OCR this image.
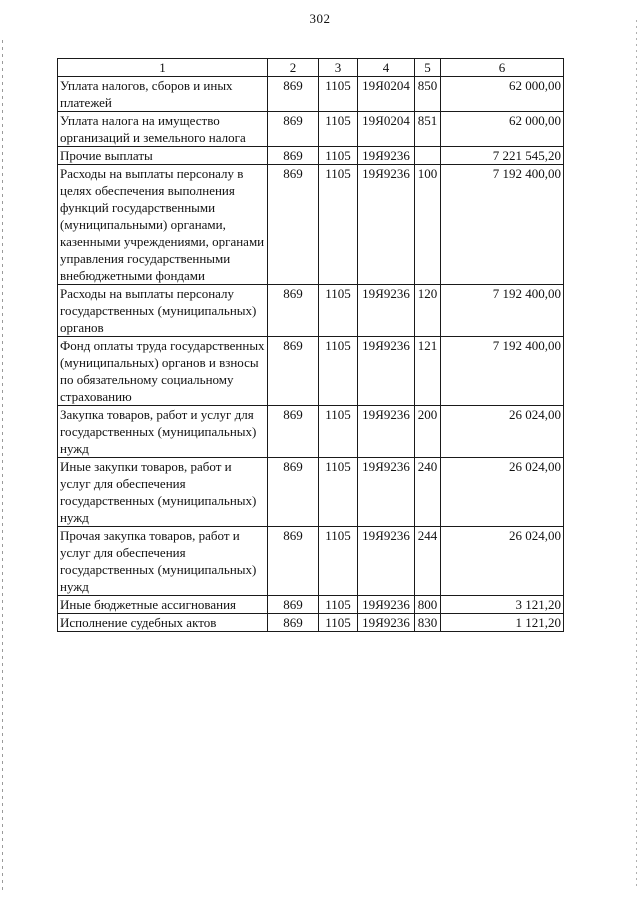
302
1	2	3	4	5	6
Уплата налогов, сборов и иных платежей	869	1105	19Я0204	850	62 000,00
Уплата налога на имущество организаций и земельного налога	869	1105	19Я0204	851	62 000,00
Прочие выплаты	869	1105	19Я9236		7 221 545,20
Расходы на выплаты персоналу в целях обеспечения выполнения функций государственными (муниципальными) органами, казенными учреждениями, органами управления государственными внебюджетными фондами	869	1105	19Я9236	100	7 192 400,00
Расходы на выплаты персоналу государственных (муниципальных) органов	869	1105	19Я9236	120	7 192 400,00
Фонд оплаты труда государственных (муниципальных) органов и взносы по обязательному социальному страхованию	869	1105	19Я9236	121	7 192 400,00
Закупка товаров, работ и услуг для государственных (муниципальных) нужд	869	1105	19Я9236	200	26 024,00
Иные закупки товаров, работ и услуг для обеспечения государственных (муниципальных) нужд	869	1105	19Я9236	240	26 024,00
Прочая закупка товаров, работ и услуг для обеспечения государственных (муниципальных) нужд	869	1105	19Я9236	244	26 024,00
Иные бюджетные ассигнования	869	1105	19Я9236	800	3 121,20
Исполнение судебных актов	869	1105	19Я9236	830	1 121,20
